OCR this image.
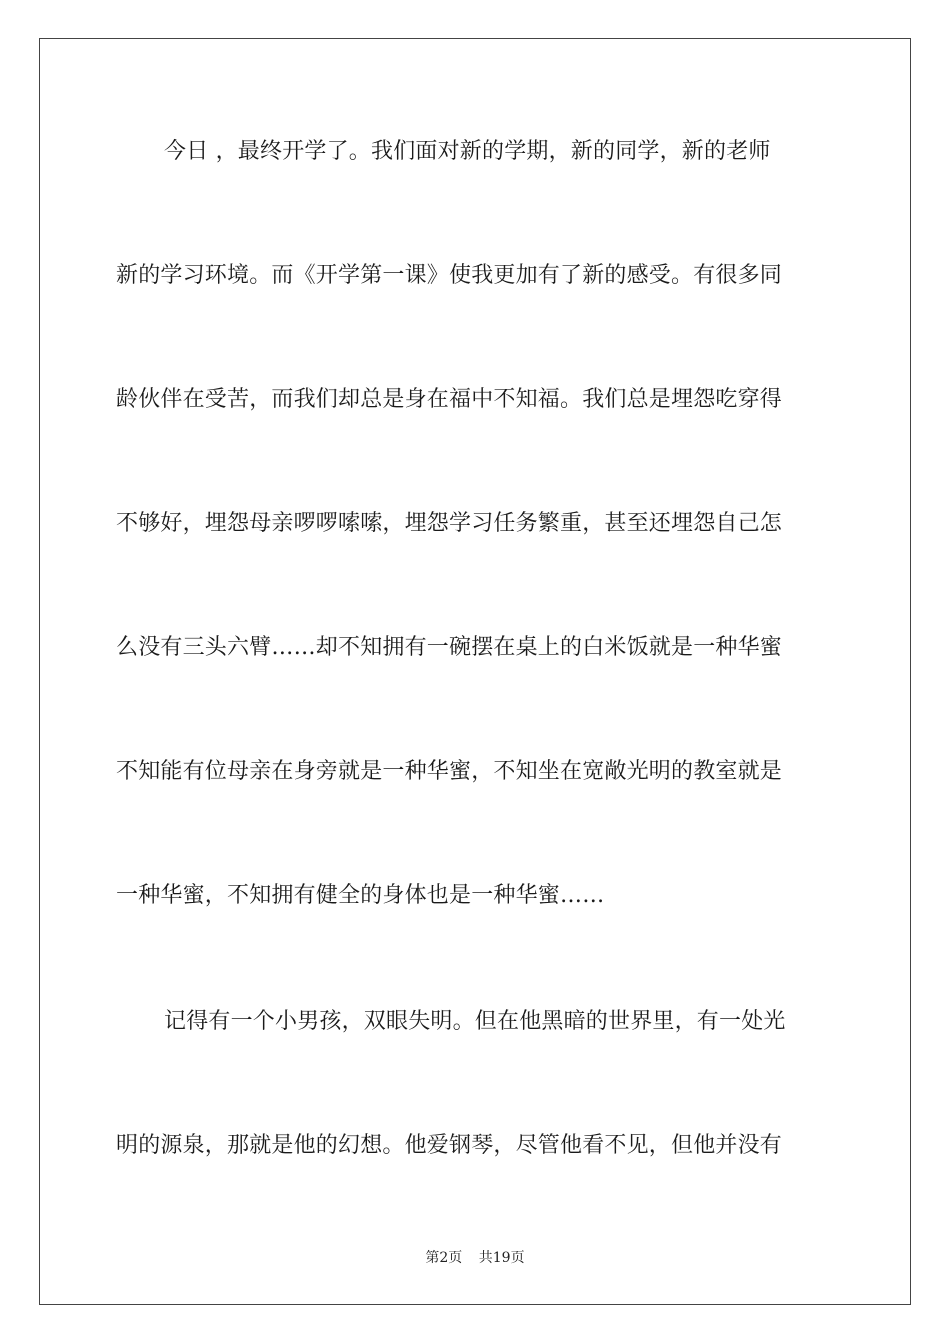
今日 ，最终开学了。我们面对新的学期，新的同学，新的老师
新的学习环境。而《开学第一课》使我更加有了新的感受。有很多同
龄伙伴在受苦，而我们却总是身在福中不知福。我们总是埋怨吃穿得
不够好，埋怨母亲啰啰嗦嗦，埋怨学习任务繁重，甚至还埋怨自己怎
么没有三头六臂……却不知拥有一碗摆在桌上的白米饭就是一种华蜜
不知能有位母亲在身旁就是一种华蜜，不知坐在宽敞光明的教室就是
一种华蜜，不知拥有健全的身体也是一种华蜜……
记得有一个小男孩，双眼失明。但在他黑暗的世界里，有一处光
明的源泉，那就是他的幻想。他爱钢琴，尽管他看不见，但他并没有
第2页 共19页
